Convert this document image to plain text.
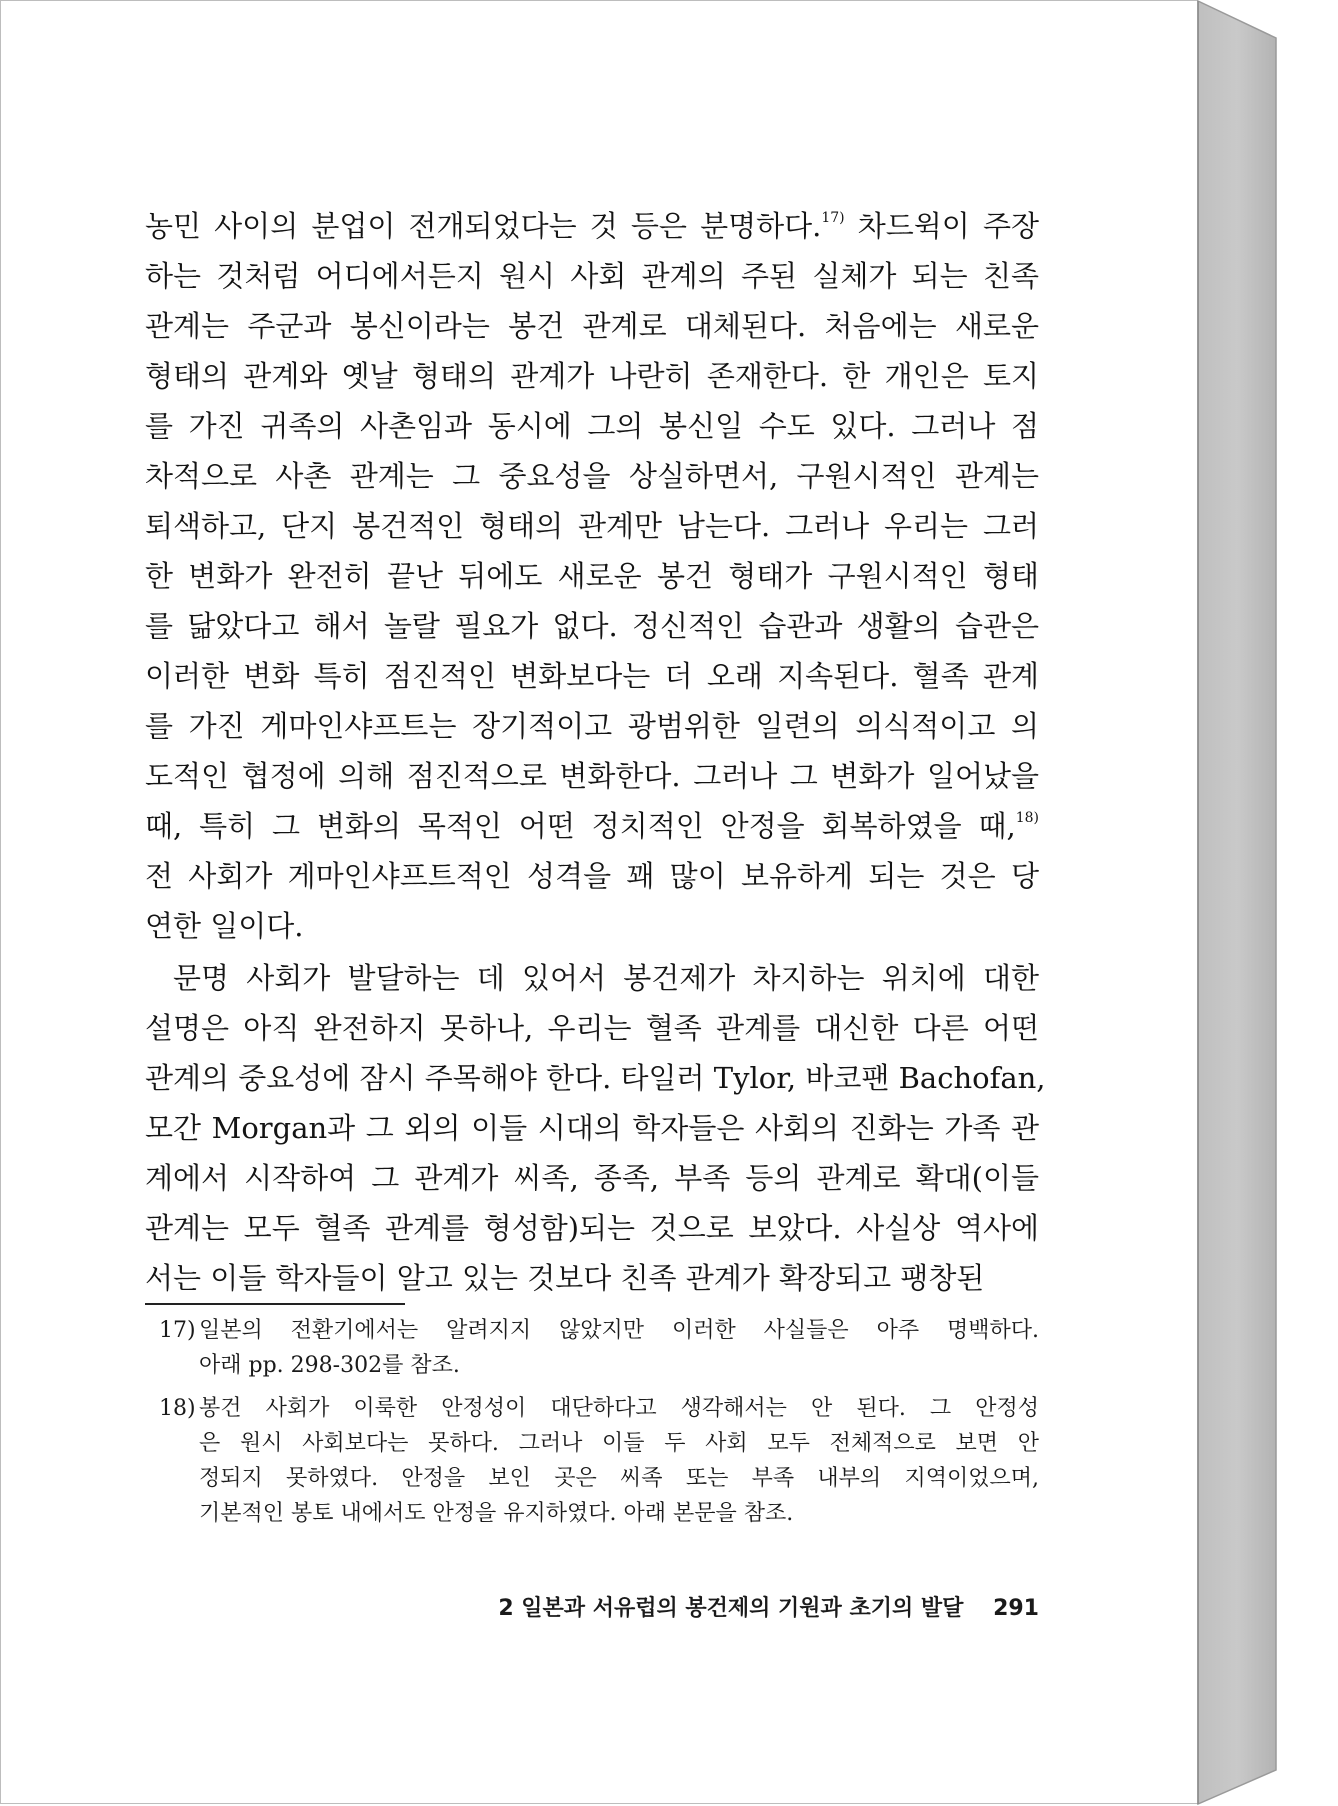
농민 사이의 분업이 전개되었다는 것 등은 분명하다.$^{17)}$ 차드윅이 주장
하는 것처럼 어디에서든지 원시 사회 관계의 주된 실체가 되는 친족
관계는 주군과 봉신이라는 봉건 관계로 대체된다. 처음에는 새로운
형태의 관계와 옛날 형태의 관계가 나란히 존재한다. 한 개인은 토지
를 가진 귀족의 사촌임과 동시에 그의 봉신일 수도 있다. 그러나 점
차적으로 사촌 관계는 그 중요성을 상실하면서, 구원시적인 관계는
퇴색하고, 단지 봉건적인 형태의 관계만 남는다. 그러나 우리는 그러
한 변화가 완전히 끝난 뒤에도 새로운 봉건 형태가 구원시적인 형태
를 닮았다고 해서 놀랄 필요가 없다. 정신적인 습관과 생활의 습관은
이러한 변화 특히 점진적인 변화보다는 더 오래 지속된다. 혈족 관계
를 가진 게마인샤프트는 장기적이고 광범위한 일련의 의식적이고 의
도적인 협정에 의해 점진적으로 변화한다. 그러나 그 변화가 일어났을
때, 특히 그 변화의 목적인 어떤 정치적인 안정을 회복하였을 때,$^{18)}$
전 사회가 게마인샤프트적인 성격을 꽤 많이 보유하게 되는 것은 당
연한 일이다.
문명 사회가 발달하는 데 있어서 봉건제가 차지하는 위치에 대한
설명은 아직 완전하지 못하나, 우리는 혈족 관계를 대신한 다른 어떤
관계의 중요성에 잠시 주목해야 한다. 타일러 Tylor, 바코팬 Bachofan,
모간 Morgan과 그 외의 이들 시대의 학자들은 사회의 진화는 가족 관
계에서 시작하여 그 관계가 씨족, 종족, 부족 등의 관계로 확대(이들
관계는 모두 혈족 관계를 형성함)되는 것으로 보았다. 사실상 역사에
서는 이들 학자들이 알고 있는 것보다 친족 관계가 확장되고 팽창된
17) 일본의 전환기에서는 알려지지 않았지만 이러한 사실들은 아주 명백하다.
아래 pp. 298-302를 참조.
18) 봉건 사회가 이룩한 안정성이 대단하다고 생각해서는 안 된다. 그 안정성
은 원시 사회보다는 못하다. 그러나 이들 두 사회 모두 전체적으로 보면 안
정되지 못하였다. 안정을 보인 곳은 씨족 또는 부족 내부의 지역이었으며,
기본적인 봉토 내에서도 안정을 유지하였다. 아래 본문을 참조.
2 일본과 서유럽의 봉건제의 기원과 초기의 발달 291
